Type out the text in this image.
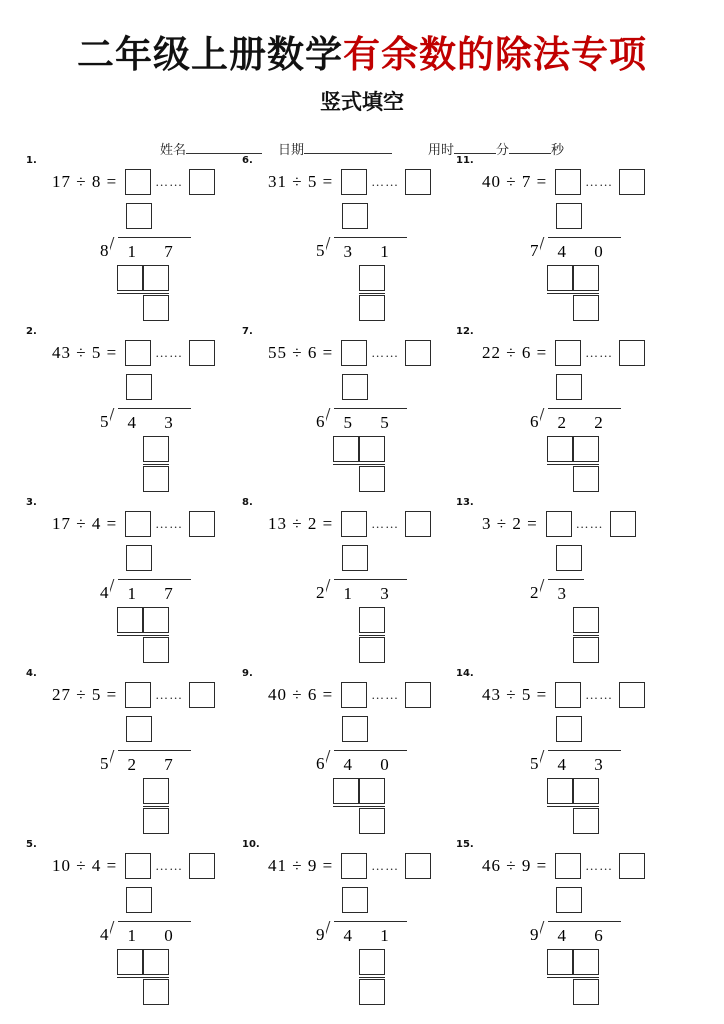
二年级上册数学有余数的除法专项
竖式填空
姓名	日期	用时	分	秒
1.
17 ÷ 8 =	……
8	1 7
2.
43 ÷ 5 =	……
5	4 3
3.
17 ÷ 4 =	……
4	1 7
4.
27 ÷ 5 =	……
5	2 7
5.
10 ÷ 4 =	……
4	1 0
6.
31 ÷ 5 =	……
5	3 1
7.
55 ÷ 6 =	……
6	5 5
8.
13 ÷ 2 =	……
2	1 3
9.
40 ÷ 6 =	……
6	4 0
10.
41 ÷ 9 =	……
9	4 1
11.
40 ÷ 7 =	……
7	4 0
12.
22 ÷ 6 =	……
6	2 2
13.
3 ÷ 2 =	……
2	3
14.
43 ÷ 5 =	……
5	4 3
15.
46 ÷ 9 =	……
9	4 6
